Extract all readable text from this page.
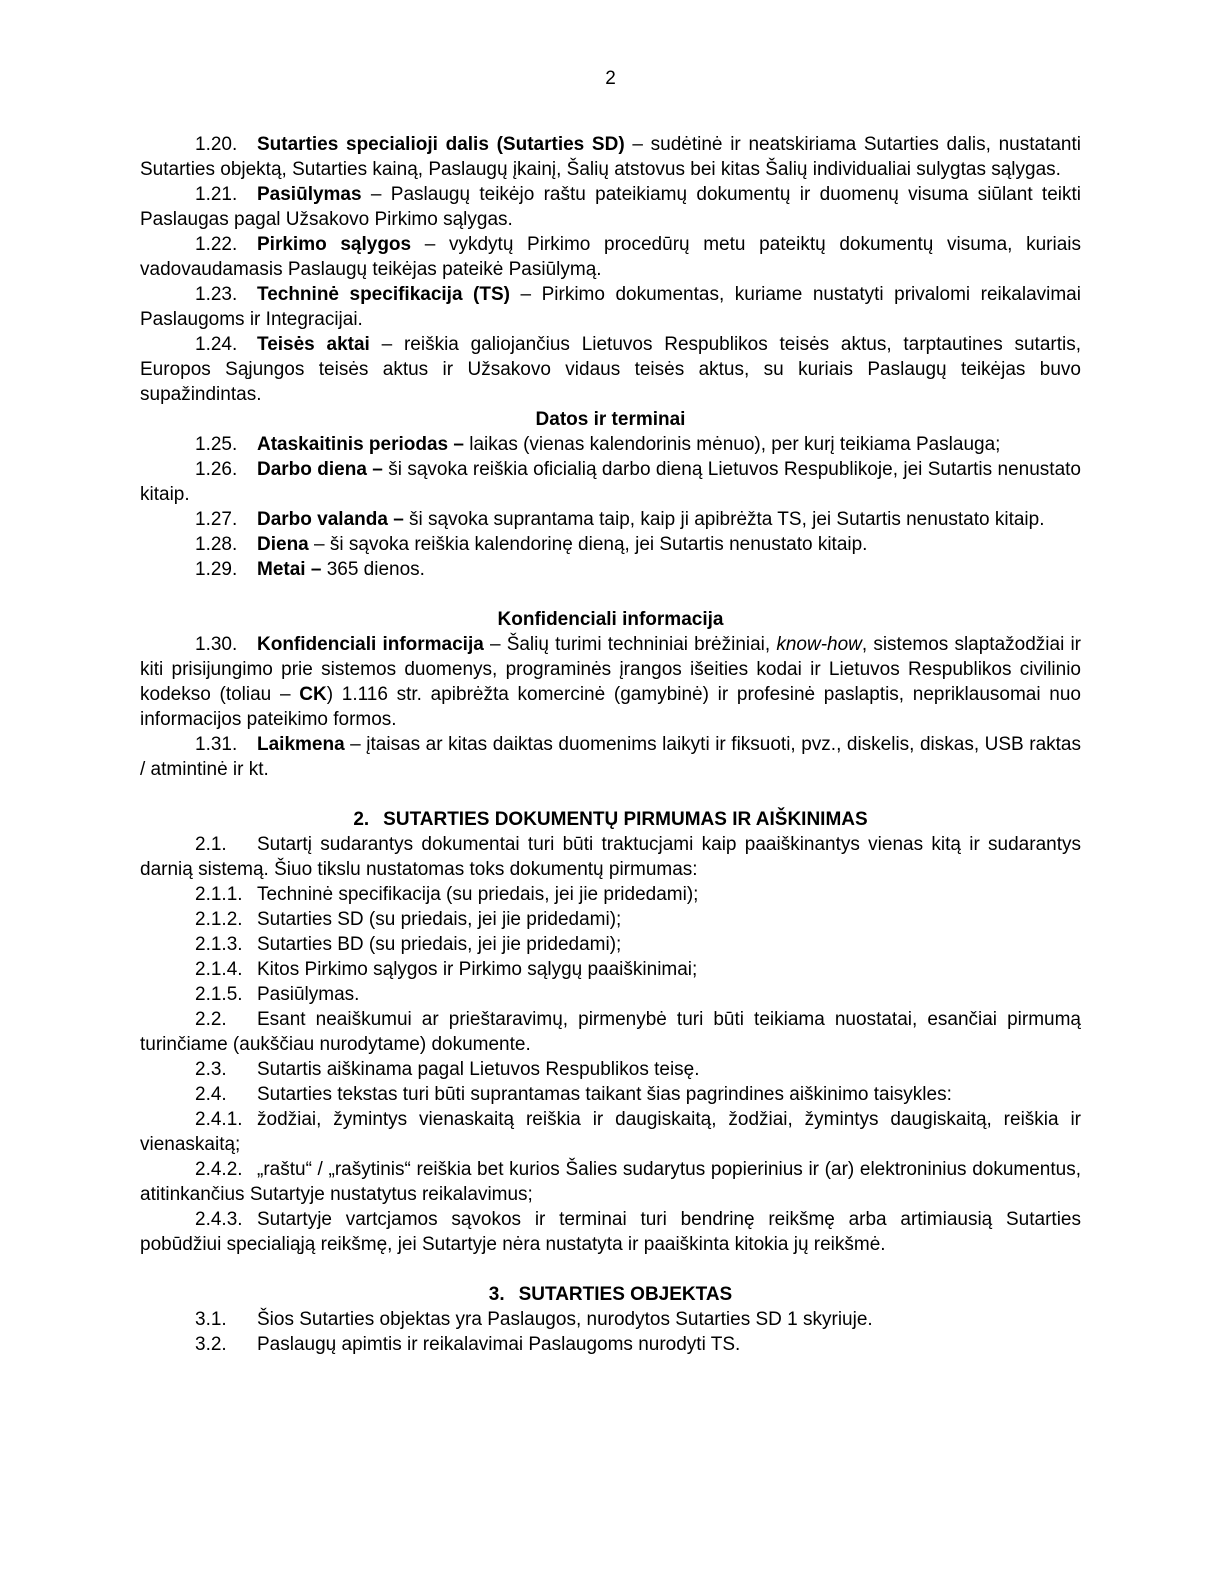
2

1.20. Sutarties specialioji dalis (Sutarties SD) – sudėtinė ir neatskiriama Sutarties dalis, nustatanti Sutarties objektą, Sutarties kainą, Paslaugų įkainį, Šalių atstovus bei kitas Šalių individualiai sulygtas sąlygas.

1.21. Pasiūlymas – Paslaugų teikėjo raštu pateikiamų dokumentų ir duomenų visuma siūlant teikti Paslaugas pagal Užsakovo Pirkimo sąlygas.

1.22. Pirkimo sąlygos – vykdytų Pirkimo procedūrų metu pateiktų dokumentų visuma, kuriais vadovaudamasis Paslaugų teikėjas pateikė Pasiūlymą.

1.23. Techninė specifikacija (TS) – Pirkimo dokumentas, kuriame nustatyti privalomi reikalavimai Paslaugoms ir Integracijai.

1.24. Teisės aktai – reiškia galiojančius Lietuvos Respublikos teisės aktus, tarptautines sutartis, Europos Sąjungos teisės aktus ir Užsakovo vidaus teisės aktus, su kuriais Paslaugų teikėjas buvo supažindintas.

Datos ir terminai

1.25. Ataskaitinis periodas – laikas (vienas kalendorinis mėnuo), per kurį teikiama Paslauga;

1.26. Darbo diena – ši sąvoka reiškia oficialią darbo dieną Lietuvos Respublikoje, jei Sutartis nenustato kitaip.

1.27. Darbo valanda – ši sąvoka suprantama taip, kaip ji apibrėžta TS, jei Sutartis nenustato kitaip.

1.28. Diena – ši sąvoka reiškia kalendorinę dieną, jei Sutartis nenustato kitaip.

1.29. Metai – 365 dienos.

Konfidenciali informacija

1.30. Konfidenciali informacija – Šalių turimi techniniai brėžiniai, know-how, sistemos slaptažodžiai ir kiti prisijungimo prie sistemos duomenys, programinės įrangos išeities kodai ir Lietuvos Respublikos civilinio kodekso (toliau – CK) 1.116 str. apibrėžta komercinė (gamybinė) ir profesinė paslaptis, nepriklausomai nuo informacijos pateikimo formos.

1.31. Laikmena – įtaisas ar kitas daiktas duomenims laikyti ir fiksuoti, pvz., diskelis, diskas, USB raktas / atmintinė ir kt.

2. SUTARTIES DOKUMENTŲ PIRMUMAS IR AIŠKINIMAS

2.1. Sutartį sudarantys dokumentai turi būti traktucjami kaip paaiškinantys vienas kitą ir sudarantys darnią sistemą. Šiuo tikslu nustatomas toks dokumentų pirmumas:

2.1.1. Techninė specifikacija (su priedais, jei jie pridedami);

2.1.2. Sutarties SD (su priedais, jei jie pridedami);

2.1.3. Sutarties BD (su priedais, jei jie pridedami);

2.1.4. Kitos Pirkimo sąlygos ir Pirkimo sąlygų paaiškinimai;

2.1.5. Pasiūlymas.

2.2. Esant neaiškumui ar prieštaravimų, pirmenybė turi būti teikiama nuostatai, esančiai pirmumą turinčiame (aukščiau nurodytame) dokumente.

2.3. Sutartis aiškinama pagal Lietuvos Respublikos teisę.

2.4. Sutarties tekstas turi būti suprantamas taikant šias pagrindines aiškinimo taisykles:

2.4.1. žodžiai, žymintys vienaskaitą reiškia ir daugiskaitą, žodžiai, žymintys daugiskaitą, reiškia ir vienaskaitą;

2.4.2. „raštu“ / „rašytinis“ reiškia bet kurios Šalies sudarytus popierinius ir (ar) elektroninius dokumentus, atitinkančius Sutartyje nustatytus reikalavimus;

2.4.3. Sutartyje vartcjamos sąvokos ir terminai turi bendrinę reikšmę arba artimiausią Sutarties pobūdžiui specialiąją reikšmę, jei Sutartyje nėra nustatyta ir paaiškinta kitokia jų reikšmė.

3. SUTARTIES OBJEKTAS

3.1. Šios Sutarties objektas yra Paslaugos, nurodytos Sutarties SD 1 skyriuje.

3.2. Paslaugų apimtis ir reikalavimai Paslaugoms nurodyti TS.
